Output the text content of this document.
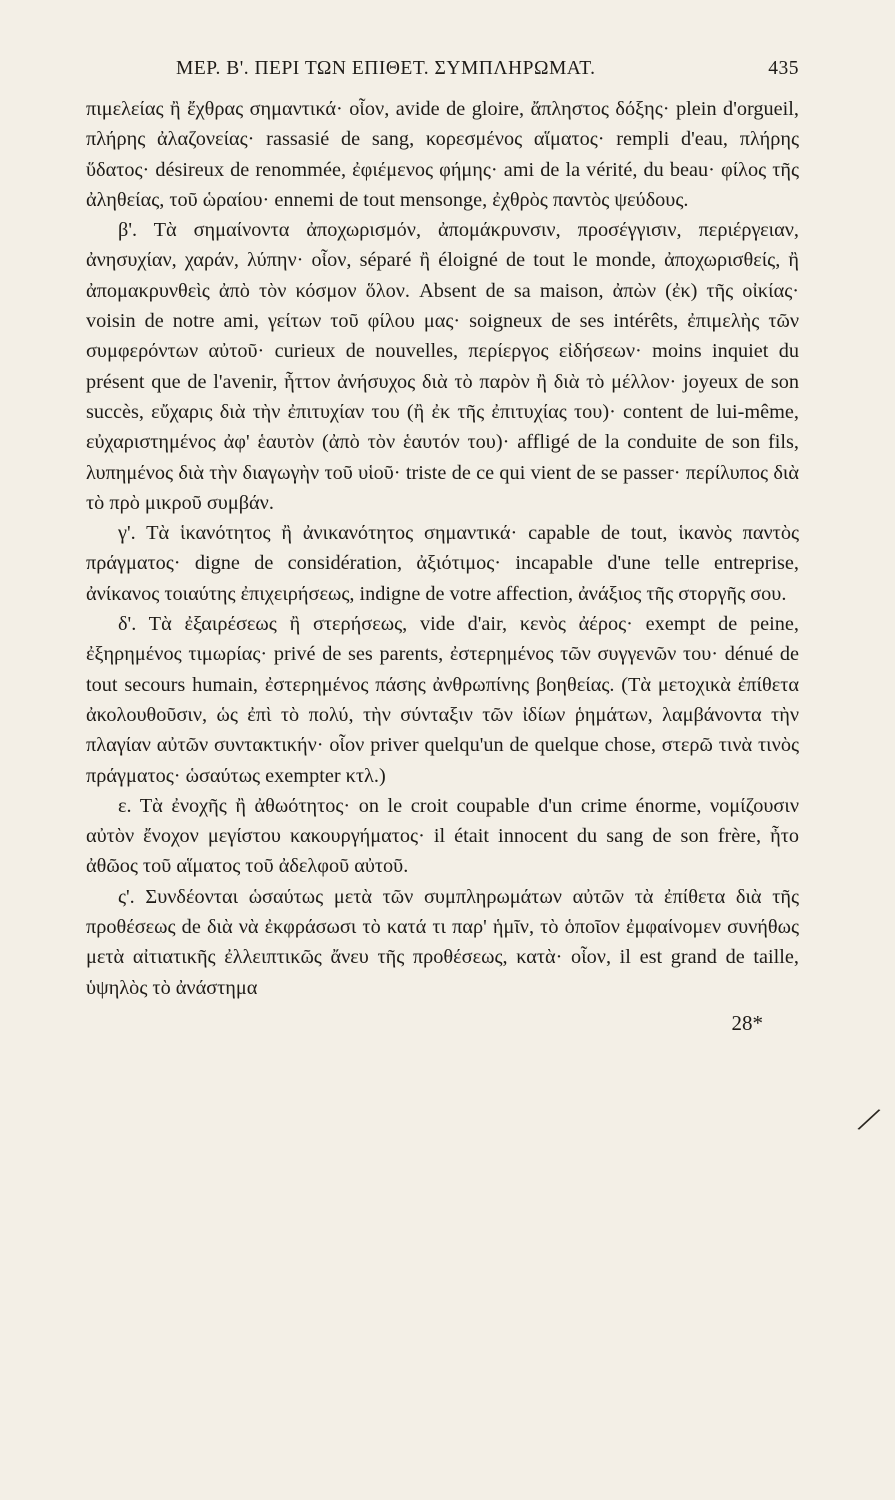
ΜΕΡ. Β'. ΠΕΡΙ ΤΩΝ ΕΠΙΘΕΤ. ΣΥΜΠΛΗΡΩΜΑΤ.	435

πιμελείας ἢ ἔχθρας σημαντικά· οἷον, avide de gloire, ἄπληστος δόξης· plein d'orgueil, πλήρης ἀλαζονείας· rassasié de sang, κορεσμένος αἵματος· rempli d'eau, πλήρης ὕδατος· désireux de renommée, ἐφιέμενος φήμης· ami de la vérité, du beau· φίλος τῆς ἀληθείας, τοῦ ὡραίου· ennemi de tout mensonge, ἐχθρὸς παντὸς ψεύδους.

β'. Τὰ σημαίνοντα ἀποχωρισμόν, ἀπομάκρυνσιν, προσέγγισιν, περιέργειαν, ἀνησυχίαν, χαράν, λύπην· οἷον, séparé ἢ éloigné de tout le monde, ἀποχωρισθείς, ἢ ἀπομακρυνθεὶς ἀπὸ τὸν κόσμον ὅλον. Absent de sa maison, ἀπὼν (ἐκ) τῆς οἰκίας· voisin de notre ami, γείτων τοῦ φίλου μας· soigneux de ses intérêts, ἐπιμελὴς τῶν συμφερόντων αὐτοῦ· curieux de nouvelles, περίεργος εἰδήσεων· moins inquiet du présent que de l'avenir, ἧττον ἀνήσυχος διὰ τὸ παρὸν ἢ διὰ τὸ μέλλον· joyeux de son succès, εὔχαρις διὰ τὴν ἐπιτυχίαν του (ἢ ἐκ τῆς ἐπιτυχίας του)· content de lui-même, εὐχαριστημένος ἀφ' ἑαυτὸν (ἀπὸ τὸν ἑαυτόν του)· affligé de la conduite de son fils, λυπημένος διὰ τὴν διαγωγὴν τοῦ υἱοῦ· triste de ce qui vient de se passer· περίλυπος διὰ τὸ πρὸ μικροῦ συμβάν.

γ'. Τὰ ἱκανότητος ἢ ἀνικανότητος σημαντικά· capable de tout, ἱκανὸς παντὸς πράγματος· digne de considération, ἀξιότιμος· incapable d'une telle entreprise, ἀνίκανος τοιαύτης ἐπιχειρήσεως, indigne de votre affection, ἀνάξιος τῆς στοργῆς σου.

δ'. Τὰ ἐξαιρέσεως ἢ στερήσεως, vide d'air, κενὸς ἀέρος· exempt de peine, ἐξηρημένος τιμωρίας· privé de ses parents, ἐστερημένος τῶν συγγενῶν του· dénué de tout secours humain, ἐστερημένος πάσης ἀνθρωπίνης βοηθείας. (Τὰ μετοχικὰ ἐπίθετα ἀκολουθοῦσιν, ὡς ἐπὶ τὸ πολύ, τὴν σύνταξιν τῶν ἰδίων ῥημάτων, λαμβάνοντα τὴν πλαγίαν αὐτῶν συντακτικήν· οἷον priver quelqu'un de quelque chose, στερῶ τινὰ τινὸς πράγματος· ὡσαύτως exempter κτλ.)

ε. Τὰ ἐνοχῆς ἢ ἀθωότητος· on le croit coupable d'un crime énorme, νομίζουσιν αὐτὸν ἔνοχον μεγίστου κακουργήματος· il était innocent du sang de son frère, ἦτο ἀθῶος τοῦ αἵματος τοῦ ἀδελφοῦ αὐτοῦ.

ς'. Συνδέονται ὡσαύτως μετὰ τῶν συμπληρωμάτων αὐτῶν τὰ ἐπίθετα διὰ τῆς προθέσεως de διὰ νὰ ἐκφράσωσι τὸ κατά τι παρ' ἡμῖν, τὸ ὁποῖον ἐμφαίνομεν συνήθως μετὰ αἰτιατικῆς ἐλλειπτικῶς ἄνευ τῆς προθέσεως, κατὰ· οἷον, il est grand de taille, ὑψηλὸς τὸ ἀνάστημα

28*
╱
